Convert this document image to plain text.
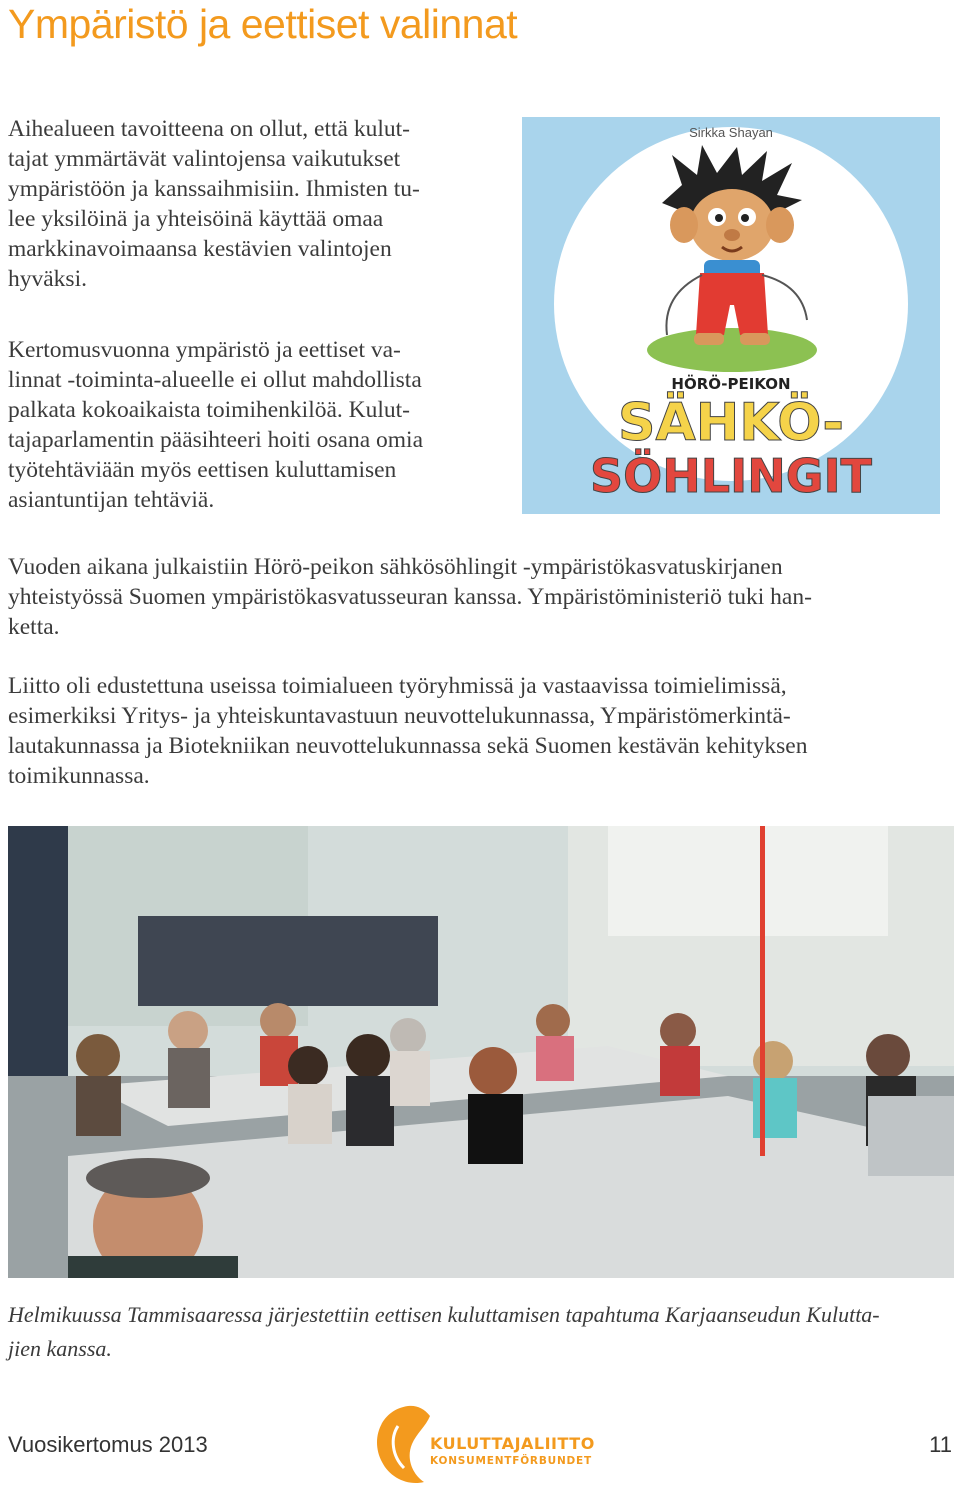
Ympäristö ja eettiset valinnat
Aihealueen tavoitteena on ollut, että kulut-
tajat ymmärtävät valintojensa vaikutukset
ympäristöön ja kanssaihmisiin. Ihmisten tu-
lee yksilöinä ja yhteisöinä käyttää omaa
markkinavoimaansa kestävien valintojen
hyväksi.
Kertomusvuonna ympäristö ja eettiset va-
linnat -toiminta-alueelle ei ollut mahdollista
palkata kokoaikaista toimihenkilöä. Kulut-
tajaparlamentin pääsihteeri hoiti osana omia
työtehtäviään myös eettisen kuluttamisen
asiantuntijan tehtäviä.
Sirkka Shayan
HÖRÖ-PEIKON
SÄHKÖ-
SÖHLINGIT
Vuoden aikana julkaistiin Hörö-peikon sähkösöhlingit -ympäristökasvatuskirjanen
yhteistyössä Suomen ympäristökasvatusseuran kanssa. Ympäristöministeriö tuki han-
ketta.
Liitto oli edustettuna useissa toimialueen työryhmissä ja vastaavissa toimielimissä,
esimerkiksi Yritys- ja yhteiskuntavastuun neuvottelukunnassa, Ympäristömerkintä-
lautakunnassa ja Biotekniikan neuvottelukunnassa sekä Suomen kestävän kehityksen
toimikunnassa.
Helmikuussa Tammisaaressa järjestettiin eettisen kuluttamisen tapahtuma Karjaanseudun Kulutta-
jien kanssa.
Vuosikertomus 2013	KULUTTAJALIITTO
KONSUMENTFÖRBUNDET
11
